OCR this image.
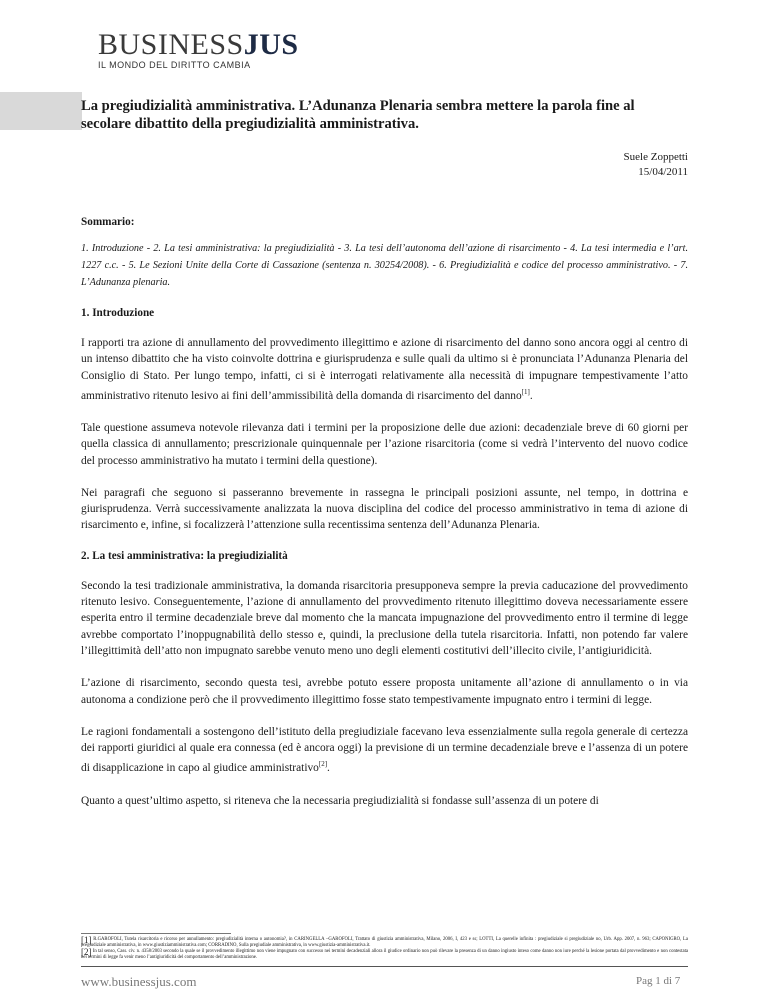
BUSINESSJUS
IL MONDO DEL DIRITTO CAMBIA
La pregiudizialità amministrativa. L’Adunanza Plenaria sembra mettere la parola fine al secolare dibattito della pregiudizialità amministrativa.
Suele Zoppetti
15/04/2011
Sommario:
1. Introduzione - 2. La tesi amministrativa: la pregiudizialità - 3. La tesi dell’autonoma dell’azione di risarcimento - 4. La tesi intermedia e l’art. 1227 c.c. - 5. Le Sezioni Unite della Corte di Cassazione (sentenza n. 30254/2008). - 6. Pregiudizialità e codice del processo amministrativo. - 7. L’Adunanza plenaria.
1. Introduzione

I rapporti tra azione di annullamento del provvedimento illegittimo e azione di risarcimento del danno sono ancora oggi al centro di un intenso dibattito che ha visto coinvolte dottrina e giurisprudenza e sulle quali da ultimo si è pronunciata l’Adunanza Plenaria del Consiglio di Stato. Per lungo tempo, infatti, ci si è interrogati relativamente alla necessità di impugnare tempestivamente l’atto amministrativo ritenuto lesivo ai fini dell’ammissibilità della domanda di risarcimento del danno[1].

Tale questione assumeva notevole rilevanza dati i termini per la proposizione delle due azioni: decadenziale breve di 60 giorni per quella classica di annullamento; prescrizionale quinquennale per l’azione risarcitoria (come si vedrà l’intervento del nuovo codice del processo amministrativo ha mutato i termini della questione).

Nei paragrafi che seguono si passeranno brevemente in rassegna le principali posizioni assunte, nel tempo, in dottrina e giurisprudenza. Verrà successivamente analizzata la nuova disciplina del codice del processo amministrativo in tema di azione di risarcimento e, infine, si focalizzerà l’attenzione sulla recentissima sentenza dell’Adunanza Plenaria.

2. La tesi amministrativa: la pregiudizialità

Secondo la tesi tradizionale amministrativa, la domanda risarcitoria presupponeva sempre la previa caducazione del provvedimento ritenuto lesivo. Conseguentemente, l’azione di annullamento del provvedimento ritenuto illegittimo doveva necessariamente essere esperita entro il termine decadenziale breve dal momento che la mancata impugnazione del provvedimento entro il termine di legge avrebbe comportato l’inoppugnabilità dello stesso e, quindi, la preclusione della tutela risarcitoria. Infatti, non potendo far valere l’illegittimità dell’atto non impugnato sarebbe venuto meno uno degli elementi costitutivi dell’illecito civile, l’antigiuridicità.

L’azione di risarcimento, secondo questa tesi, avrebbe potuto essere proposta unitamente all’azione di annullamento o in via autonoma a condizione però che il provvedimento illegittimo fosse stato tempestivamente impugnato entro i termini di legge.

Le ragioni fondamentali a sostengono dell’istituto della pregiudiziale facevano leva essenzialmente sulla regola generale di certezza dei rapporti giuridici al quale era connessa (ed è ancora oggi) la previsione di un termine decadenziale breve e l’assenza di un potere di disapplicazione in capo al giudice amministrativo[2].

Quanto a quest’ultimo aspetto, si riteneva che la necessaria pregiudizialità si fondasse sull’assenza di un potere di

[1] R.GAROFOLI, Tutela risarcitoria e ricorso per annullamento: pregiudizialità interna o autonomia?, in CARINGELLA –GAROFOLI, Trattato di giustizia amministrativa, Milano, 2006, I, 423 e ss; LOTTI, La querelle infinita : pregiudiziale si pregiudiziale no, Urb. App. 2007, n. 963; CAPONIGRO, La pregiudiziale amministrativa, in www.giustiziamministrativa.com; CORRADINO, Sulla pregiudiale amministrativa, in www.giustizia-amministrativa.it.
[2] In tal senso, Cass. civ. n. 4358/2003 secondo la quale se il provvedimento illegittimo non viene impugnato con successo nei termini decadenziali allora il giudice ordinario non può rilevare la presenza di un danno ingiusto inteso come danno non iure perché la lesione portata dal provvedimento e non contestata nei termini di legge fa venir meno l’antigiuridicità del comportamento dell’amministrazione.
www.businessjus.com	Pag 1 di 7
